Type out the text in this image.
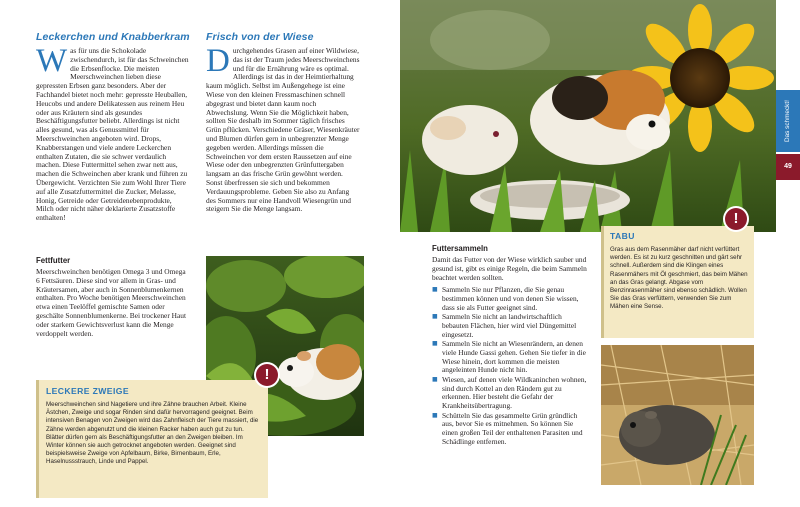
Leckerchen und Knabberkram
Was für uns die Schokolade zwischendurch, ist für das Schweinchen die Erbsenflocke. Die meisten Meerschweinchen lieben diese gepressten Erbsen ganz besonders. Aber der Fachhandel bietet noch mehr: gepresste Heuballen, Heucobs und andere Delikatessen aus reinem Heu oder aus Kräutern sind als gesundes Beschäftigungsfutter beliebt. Allerdings ist nicht alles gesund, was als Genussmittel für Meerschweinchen angeboten wird. Drops, Knabberstangen und viele andere Leckerchen enthalten Zutaten, die sie schwer verdaulich machen. Diese Futtermittel sehen zwar nett aus, machen die Schweinchen aber krank und führen zu Übergewicht. Verzichten Sie zum Wohl Ihrer Tiere auf alle Zusatzfuttermittel die Zucker, Melasse, Honig, Getreide oder Getreidenebenprodukte, Milch oder nicht näher deklarierte Zusatzstoffe enthalten!
Fettfutter
Meerschweinchen benötigen Omega 3 und Omega 6 Fettsäuren. Diese sind vor allem in Gras- und Kräutersamen, aber auch in Sonnenblumenkernen enthalten. Pro Woche benötigen Meerschweinchen etwa einen Teelöffel gemischte Samen oder geschälte Sonnenblumenkerne. Bei trockener Haut oder starkem Gewichtsverlust kann die Menge verdoppelt werden.
Frisch von der Wiese
Durchgehendes Grasen auf einer Wildwiese, das ist der Traum jedes Meerschweinchens und für die Ernährung wäre es optimal. Allerdings ist das in der Heimtierhaltung kaum möglich. Selbst im Außengehege ist eine Wiese von den kleinen Fressmaschinen schnell abgegrast und bietet dann kaum noch Abwechslung. Wenn Sie die Möglichkeit haben, sollten Sie deshalb im Sommer täglich frisches Grün pflücken. Verschiedene Gräser, Wiesenkräuter und Blumen dürfen gern in unbegrenzter Menge gegeben werden. Allerdings müssen die Schweinchen vor dem ersten Raussetzen auf eine Wiese oder den unbegrenzten Grünfuttergaben langsam an das frische Grün gewöhnt werden. Sonst überfressen sie sich und bekommen Verdauungsprobleme. Geben Sie also zu Anfang des Sommers nur eine Handvoll Wiesengrün und steigern Sie die Menge langsam.
LECKERE ZWEIGE
Meerschweinchen sind Nagetiere und ihre Zähne brauchen Arbeit. Kleine Ästchen, Zweige und sogar Rinden sind dafür hervorragend geeignet. Beim intensiven Benagen von Zweigen wird das Zahnfleisch der Tiere massiert, die Zähne werden abgenutzt und die kleinen Racker haben auch gut zu tun. Blätter dürfen gern als Beschäftigungsfutter an den Zweigen bleiben. Im Winter können sie auch getrocknet angeboten werden. Geeignet sind beispielsweise Zweige von Apfelbaum, Birke, Birnenbaum, Erle, Haselnussstrauch, Linde und Pappel.
!
Das schmeckt!
49
Futtersammeln
Damit das Futter von der Wiese wirklich sauber und gesund ist, gibt es einige Regeln, die beim Sammeln beachtet werden sollten.
■ Sammeln Sie nur Pflanzen, die Sie genau bestimmen können und von denen Sie wissen, dass sie als Futter geeignet sind.
■ Sammeln Sie nicht an landwirtschaftlich bebauten Flächen, hier wird viel Düngemittel eingesetzt.
■ Sammeln Sie nicht an Wiesenrändern, an denen viele Hunde Gassi gehen. Gehen Sie tiefer in die Wiese hinein, dort kommen die meisten angeleinten Hunde nicht hin.
■ Wiesen, auf denen viele Wildkaninchen wohnen, sind durch Kottel an den Rändern gut zu erkennen. Hier besteht die Gefahr der Krankheitsübertragung.
■ Schütteln Sie das gesammelte Grün gründlich aus, bevor Sie es mitnehmen. So können Sie einen großen Teil der enthaltenen Parasiten und Schädlinge entfernen.
TABU
Gras aus dem Rasenmäher darf nicht verfüttert werden. Es ist zu kurz geschnitten und gärt sehr schnell. Außerdem sind die Klingen eines Rasenmähers mit Öl geschmiert, das beim Mähen an das Gras gelangt. Abgase vom Benzinrasenmäher sind ebenso schädlich. Wollen Sie das Gras verfüttern, verwenden Sie zum Mähen eine Sense.
!
